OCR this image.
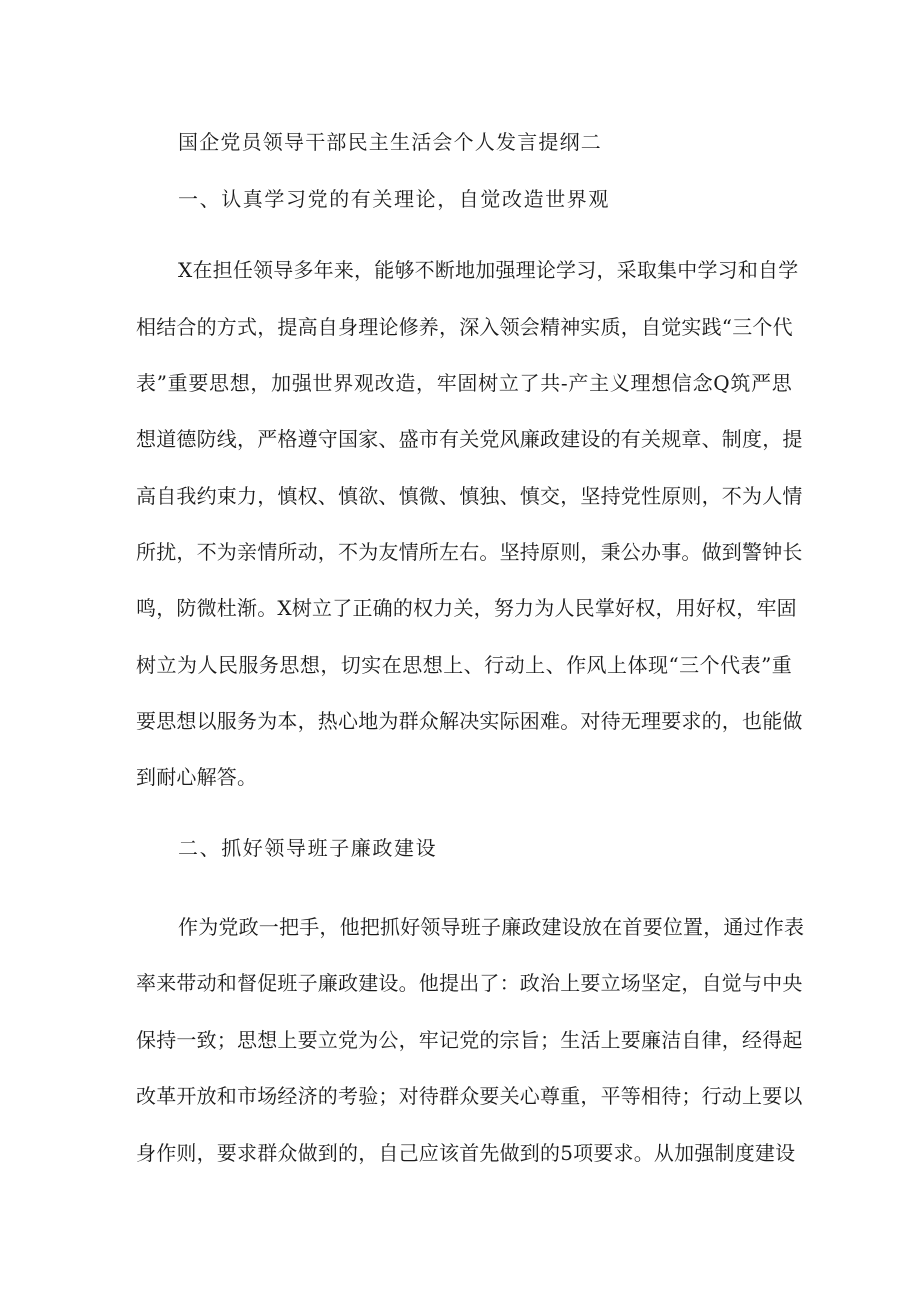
国企党员领导干部民主生活会个人发言提纲二
一、认真学习党的有关理论，自觉改造世界观
X在担任领导多年来，能够不断地加强理论学习，采取集中学习和自学
相结合的方式，提高自身理论修养，深入领会精神实质，自觉实践“三个代
表”重要思想，加强世界观改造，牢固树立了共-产主义理想信念Q筑严思
想道德防线，严格遵守国家、盛市有关党风廉政建设的有关规章、制度，提
高自我约束力，慎权、慎欲、慎微、慎独、慎交，坚持党性原则，不为人情
所扰，不为亲情所动，不为友情所左右。坚持原则，秉公办事。做到警钟长
鸣，防微杜渐。X树立了正确的权力关，努力为人民掌好权，用好权，牢固
树立为人民服务思想，切实在思想上、行动上、作风上体现“三个代表”重
要思想以服务为本，热心地为群众解决实际困难。对待无理要求的，也能做
到耐心解答。
二、抓好领导班子廉政建设
作为党政一把手，他把抓好领导班子廉政建设放在首要位置，通过作表
率来带动和督促班子廉政建设。他提出了：政治上要立场坚定，自觉与中央
保持一致；思想上要立党为公，牢记党的宗旨；生活上要廉洁自律，经得起
改革开放和市场经济的考验；对待群众要关心尊重，平等相待；行动上要以
身作则，要求群众做到的，自己应该首先做到的5项要求。从加强制度建设
